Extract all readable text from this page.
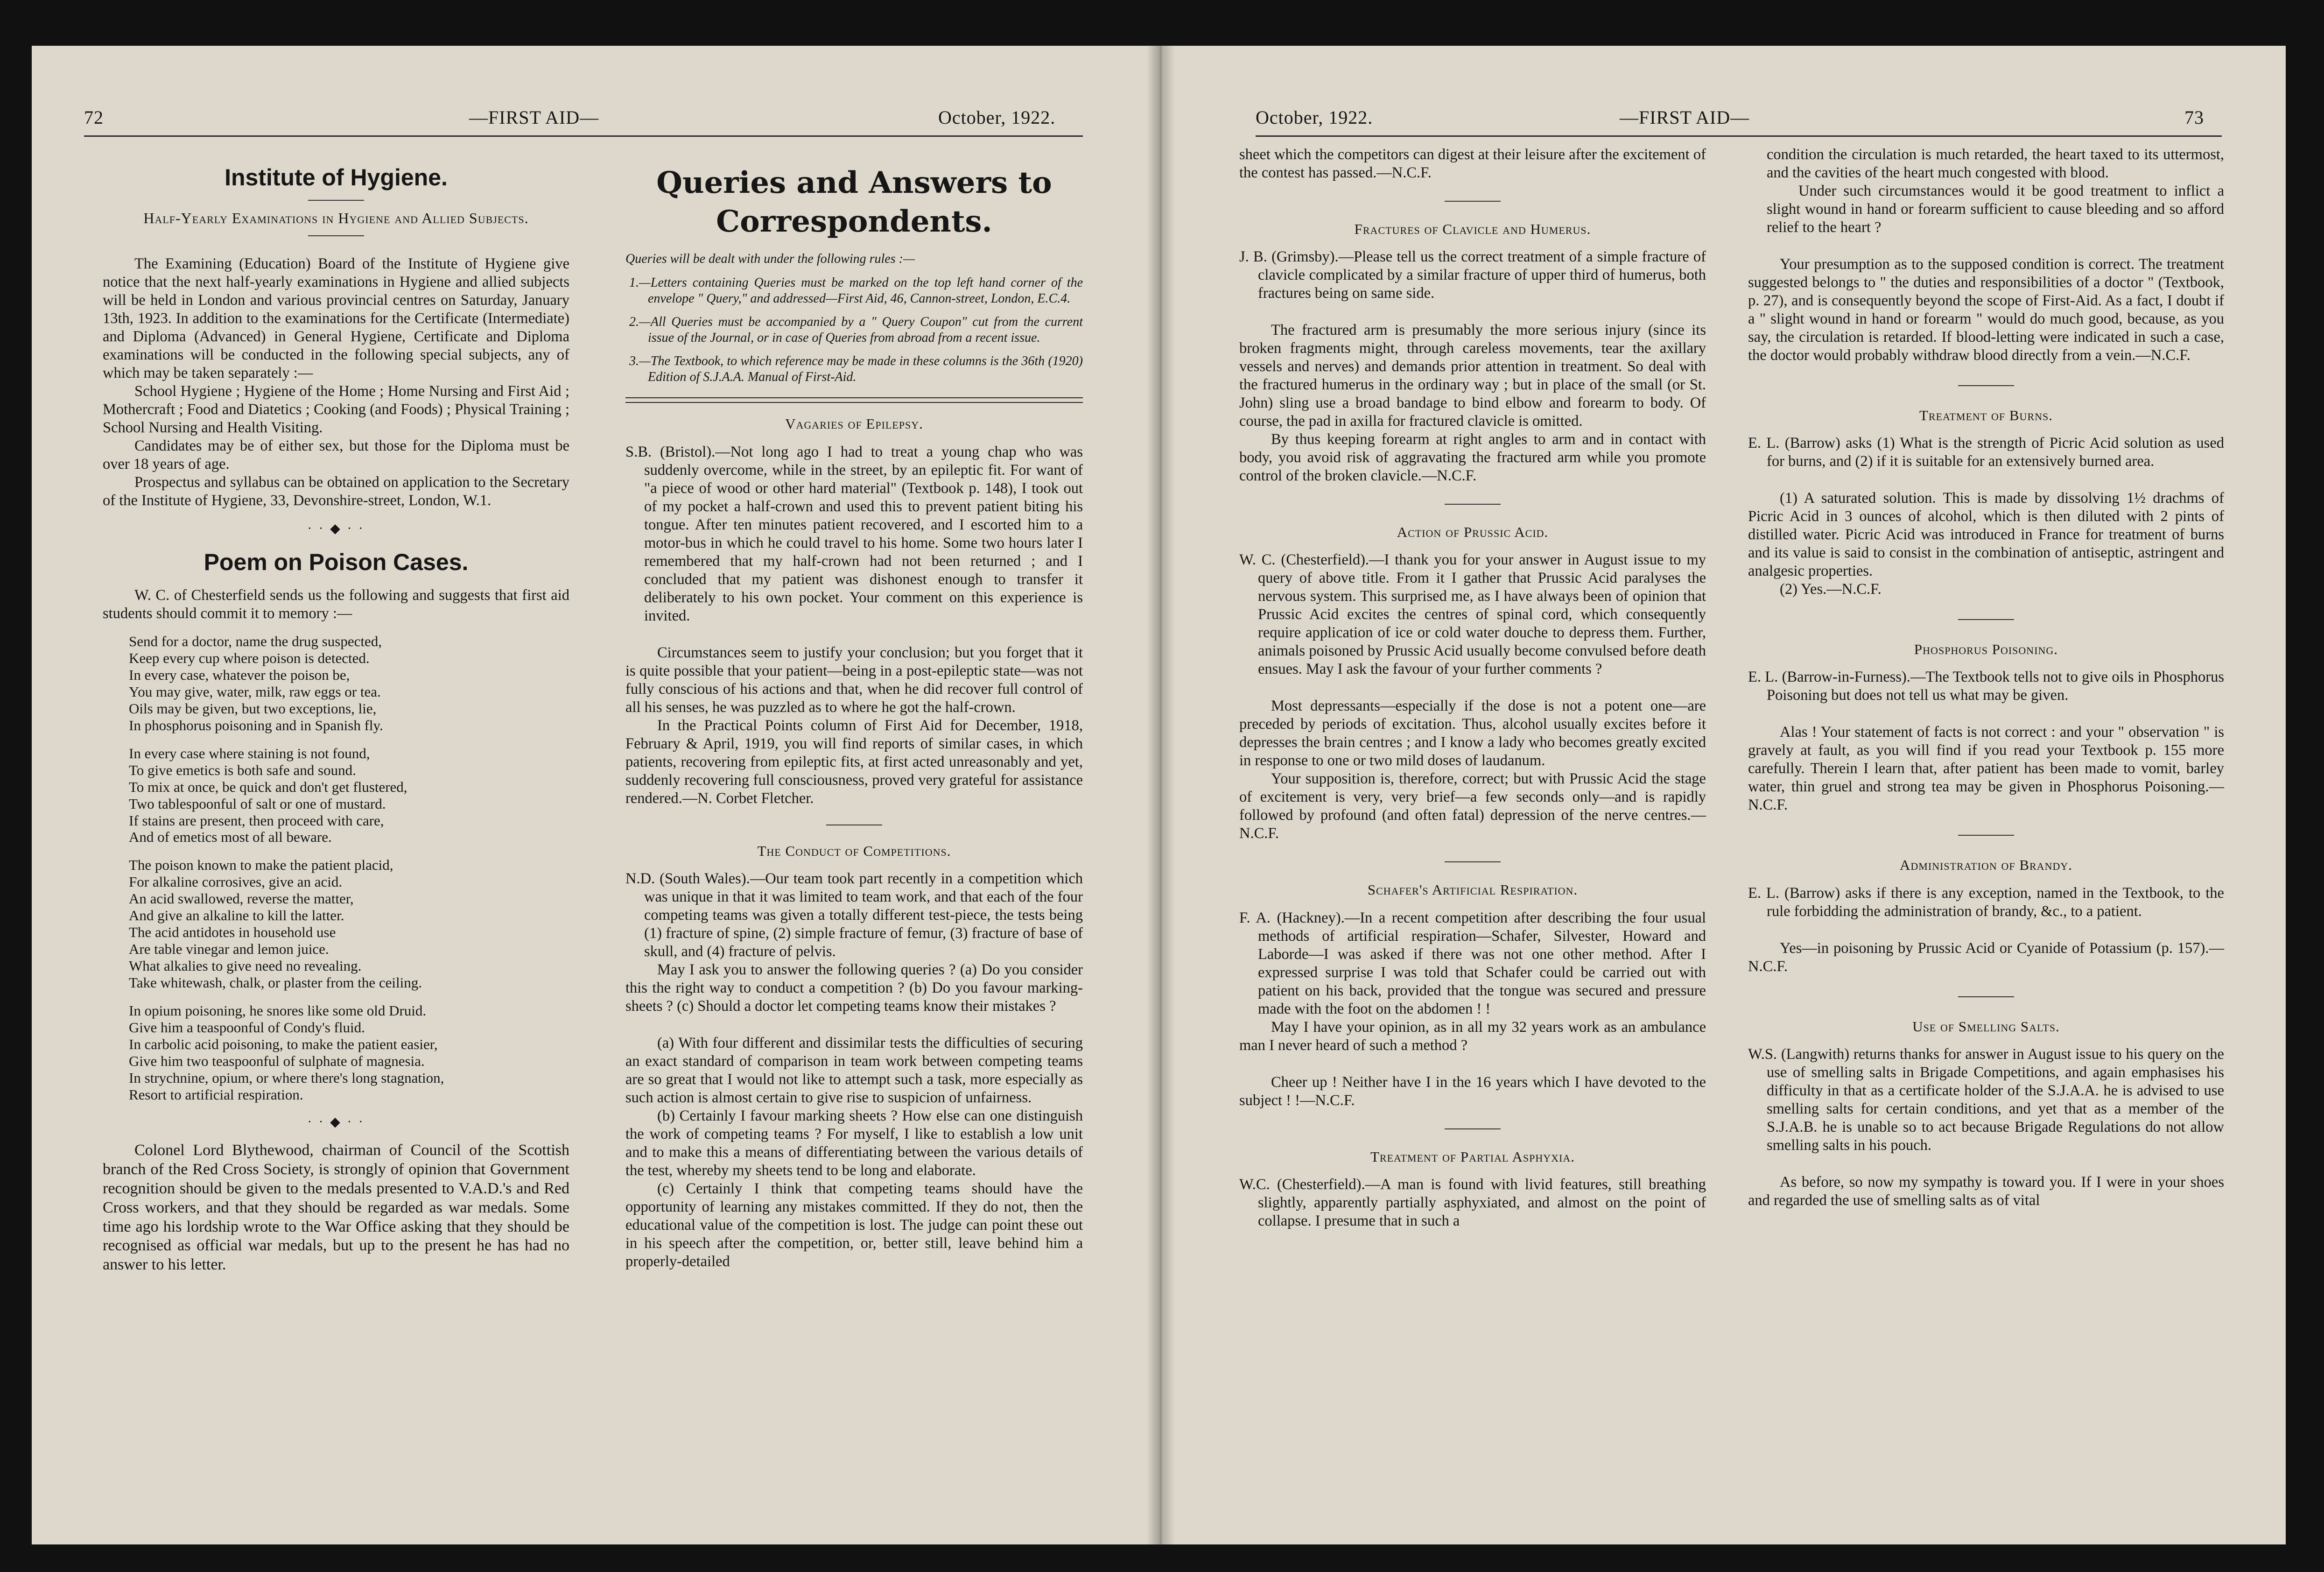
72	—FIRST AID—	October, 1922.
Institute of Hygiene.

Half-Yearly Examinations in Hygiene and Allied Subjects.

The Examining (Education) Board of the Institute of Hygiene give notice that the next half-yearly examinations in Hygiene and allied subjects will be held in London and various provincial centres on Saturday, January 13th, 1923. In addition to the examinations for the Certificate (Intermediate) and Diploma (Advanced) in General Hygiene, Certificate and Diploma examinations will be conducted in the following special subjects, any of which may be taken separately :—

School Hygiene ; Hygiene of the Home ; Home Nursing and First Aid ; Mothercraft ; Food and Diatetics ; Cooking (and Foods) ; Physical Training ; School Nursing and Health Visiting.

Candidates may be of either sex, but those for the Diploma must be over 18 years of age.

Prospectus and syllabus can be obtained on application to the Secretary of the Institute of Hygiene, 33, Devonshire-street, London, W.1.

· · ◆ · ·
Poem on Poison Cases.

W. C. of Chesterfield sends us the following and suggests that first aid students should commit it to memory :—

Send for a doctor, name the drug suspected,
Keep every cup where poison is detected.
In every case, whatever the poison be,
You may give, water, milk, raw eggs or tea.
Oils may be given, but two exceptions, lie,
In phosphorus poisoning and in Spanish fly.
In every case where staining is not found,
To give emetics is both safe and sound.
To mix at once, be quick and don't get flustered,
Two tablespoonful of salt or one of mustard.
If stains are present, then proceed with care,
And of emetics most of all beware.
The poison known to make the patient placid,
For alkaline corrosives, give an acid.
An acid swallowed, reverse the matter,
And give an alkaline to kill the latter.
The acid antidotes in household use
Are table vinegar and lemon juice.
What alkalies to give need no revealing.
Take whitewash, chalk, or plaster from the ceiling.
In opium poisoning, he snores like some old Druid.
Give him a teaspoonful of Condy's fluid.
In carbolic acid poisoning, to make the patient easier,
Give him two teaspoonful of sulphate of magnesia.
In strychnine, opium, or where there's long stagnation,
Resort to artificial respiration.
· · ◆ · ·

Colonel Lord Blythewood, chairman of Council of the Scottish branch of the Red Cross Society, is strongly of opinion that Government recognition should be given to the medals presented to V.A.D.'s and Red Cross workers, and that they should be regarded as war medals. Some time ago his lordship wrote to the War Office asking that they should be recognised as official war medals, but up to the present he has had no answer to his letter.

Queries and Answers to

Correspondents.

Queries will be dealt with under the following rules :—

1.—Letters containing Queries must be marked on the top left hand corner of the envelope " Query," and addressed—First Aid, 46, Cannon-street, London, E.C.4.

2.—All Queries must be accompanied by a " Query Coupon" cut from the current issue of the Journal, or in case of Queries from abroad from a recent issue.

3.—The Textbook, to which reference may be made in these columns is the 36th (1920) Edition of S.J.A.A. Manual of First-Aid.

Vagaries of Epilepsy.

S.B. (Bristol).—Not long ago I had to treat a young chap who was suddenly overcome, while in the street, by an epileptic fit. For want of "a piece of wood or other hard material" (Textbook p. 148), I took out of my pocket a half-crown and used this to prevent patient biting his tongue. After ten minutes patient recovered, and I escorted him to a motor-bus in which he could travel to his home. Some two hours later I remembered that my half-crown had not been returned ; and I concluded that my patient was dishonest enough to transfer it deliberately to his own pocket. Your comment on this experience is invited.

Circumstances seem to justify your conclusion; but you forget that it is quite possible that your patient—being in a post-epileptic state—was not fully conscious of his actions and that, when he did recover full control of all his senses, he was puzzled as to where he got the half-crown.

In the Practical Points column of First Aid for December, 1918, February & April, 1919, you will find reports of similar cases, in which patients, recovering from epileptic fits, at first acted unreasonably and yet, suddenly recovering full consciousness, proved very grateful for assistance rendered.—N. Corbet Fletcher.

The Conduct of Competitions.

N.D. (South Wales).—Our team took part recently in a competition which was unique in that it was limited to team work, and that each of the four competing teams was given a totally different test-piece, the tests being (1) fracture of spine, (2) simple fracture of femur, (3) fracture of base of skull, and (4) fracture of pelvis.

May I ask you to answer the following queries ? (a) Do you consider this the right way to conduct a competition ? (b) Do you favour marking-sheets ? (c) Should a doctor let competing teams know their mistakes ?

(a) With four different and dissimilar tests the difficulties of securing an exact standard of comparison in team work between competing teams are so great that I would not like to attempt such a task, more especially as such action is almost certain to give rise to suspicion of unfairness.

(b) Certainly I favour marking sheets ? How else can one distinguish the work of competing teams ? For myself, I like to establish a low unit and to make this a means of differentiating between the various details of the test, whereby my sheets tend to be long and elaborate.

(c) Certainly I think that competing teams should have the opportunity of learning any mistakes committed. If they do not, then the educational value of the competition is lost. The judge can point these out in his speech after the competition, or, better still, leave behind him a properly-detailed

October, 1922.	—FIRST AID—	73

sheet which the competitors can digest at their leisure after the excitement of the contest has passed.—N.C.F.

Fractures of Clavicle and Humerus.

J. B. (Grimsby).—Please tell us the correct treatment of a simple fracture of clavicle complicated by a similar fracture of upper third of humerus, both fractures being on same side.

The fractured arm is presumably the more serious injury (since its broken fragments might, through careless movements, tear the axillary vessels and nerves) and demands prior attention in treatment. So deal with the fractured humerus in the ordinary way ; but in place of the small (or St. John) sling use a broad bandage to bind elbow and forearm to body. Of course, the pad in axilla for fractured clavicle is omitted.

By thus keeping forearm at right angles to arm and in contact with body, you avoid risk of aggravating the fractured arm while you promote control of the broken clavicle.—N.C.F.

Action of Prussic Acid.

W. C. (Chesterfield).—I thank you for your answer in August issue to my query of above title. From it I gather that Prussic Acid paralyses the nervous system. This surprised me, as I have always been of opinion that Prussic Acid excites the centres of spinal cord, which consequently require application of ice or cold water douche to depress them. Further, animals poisoned by Prussic Acid usually become convulsed before death ensues. May I ask the favour of your further comments ?

Most depressants—especially if the dose is not a potent one—are preceded by periods of excitation. Thus, alcohol usually excites before it depresses the brain centres ; and I know a lady who becomes greatly excited in response to one or two mild doses of laudanum.

Your supposition is, therefore, correct; but with Prussic Acid the stage of excitement is very, very brief—a few seconds only—and is rapidly followed by profound (and often fatal) depression of the nerve centres.—N.C.F.

Schafer's Artificial Respiration.

F. A. (Hackney).—In a recent competition after describing the four usual methods of artificial respiration—Schafer, Silvester, Howard and Laborde—I was asked if there was not one other method. After I expressed surprise I was told that Schafer could be carried out with patient on his back, provided that the tongue was secured and pressure made with the foot on the abdomen ! !

May I have your opinion, as in all my 32 years work as an ambulance man I never heard of such a method ?

Cheer up ! Neither have I in the 16 years which I have devoted to the subject ! !—N.C.F.

Treatment of Partial Asphyxia.

W.C. (Chesterfield).—A man is found with livid features, still breathing slightly, apparently partially asphyxiated, and almost on the point of collapse. I presume that in such a

condition the circulation is much retarded, the heart taxed to its uttermost, and the cavities of the heart much congested with blood.

Under such circumstances would it be good treatment to inflict a slight wound in hand or forearm sufficient to cause bleeding and so afford relief to the heart ?

Your presumption as to the supposed condition is correct. The treatment suggested belongs to " the duties and responsibilities of a doctor " (Textbook, p. 27), and is consequently beyond the scope of First-Aid. As a fact, I doubt if a " slight wound in hand or forearm " would do much good, because, as you say, the circulation is retarded. If blood-letting were indicated in such a case, the doctor would probably withdraw blood directly from a vein.—N.C.F.

Treatment of Burns.

E. L. (Barrow) asks (1) What is the strength of Picric Acid solution as used for burns, and (2) if it is suitable for an extensively burned area.

(1) A saturated solution. This is made by dissolving 1½ drachms of Picric Acid in 3 ounces of alcohol, which is then diluted with 2 pints of distilled water. Picric Acid was introduced in France for treatment of burns and its value is said to consist in the combination of antiseptic, astringent and analgesic properties.

(2) Yes.—N.C.F.

Phosphorus Poisoning.

E. L. (Barrow-in-Furness).—The Textbook tells not to give oils in Phosphorus Poisoning but does not tell us what may be given.

Alas ! Your statement of facts is not correct : and your " observation " is gravely at fault, as you will find if you read your Textbook p. 155 more carefully. Therein I learn that, after patient has been made to vomit, barley water, thin gruel and strong tea may be given in Phosphorus Poisoning.—N.C.F.

Administration of Brandy.

E. L. (Barrow) asks if there is any exception, named in the Textbook, to the rule forbidding the administration of brandy, &c., to a patient.

Yes—in poisoning by Prussic Acid or Cyanide of Potassium (p. 157).—N.C.F.

Use of Smelling Salts.

W.S. (Langwith) returns thanks for answer in August issue to his query on the use of smelling salts in Brigade Competitions, and again emphasises his difficulty in that as a certificate holder of the S.J.A.A. he is advised to use smelling salts for certain conditions, and yet that as a member of the S.J.A.B. he is unable so to act because Brigade Regulations do not allow smelling salts in his pouch.

As before, so now my sympathy is toward you. If I were in your shoes and regarded the use of smelling salts as of vital
